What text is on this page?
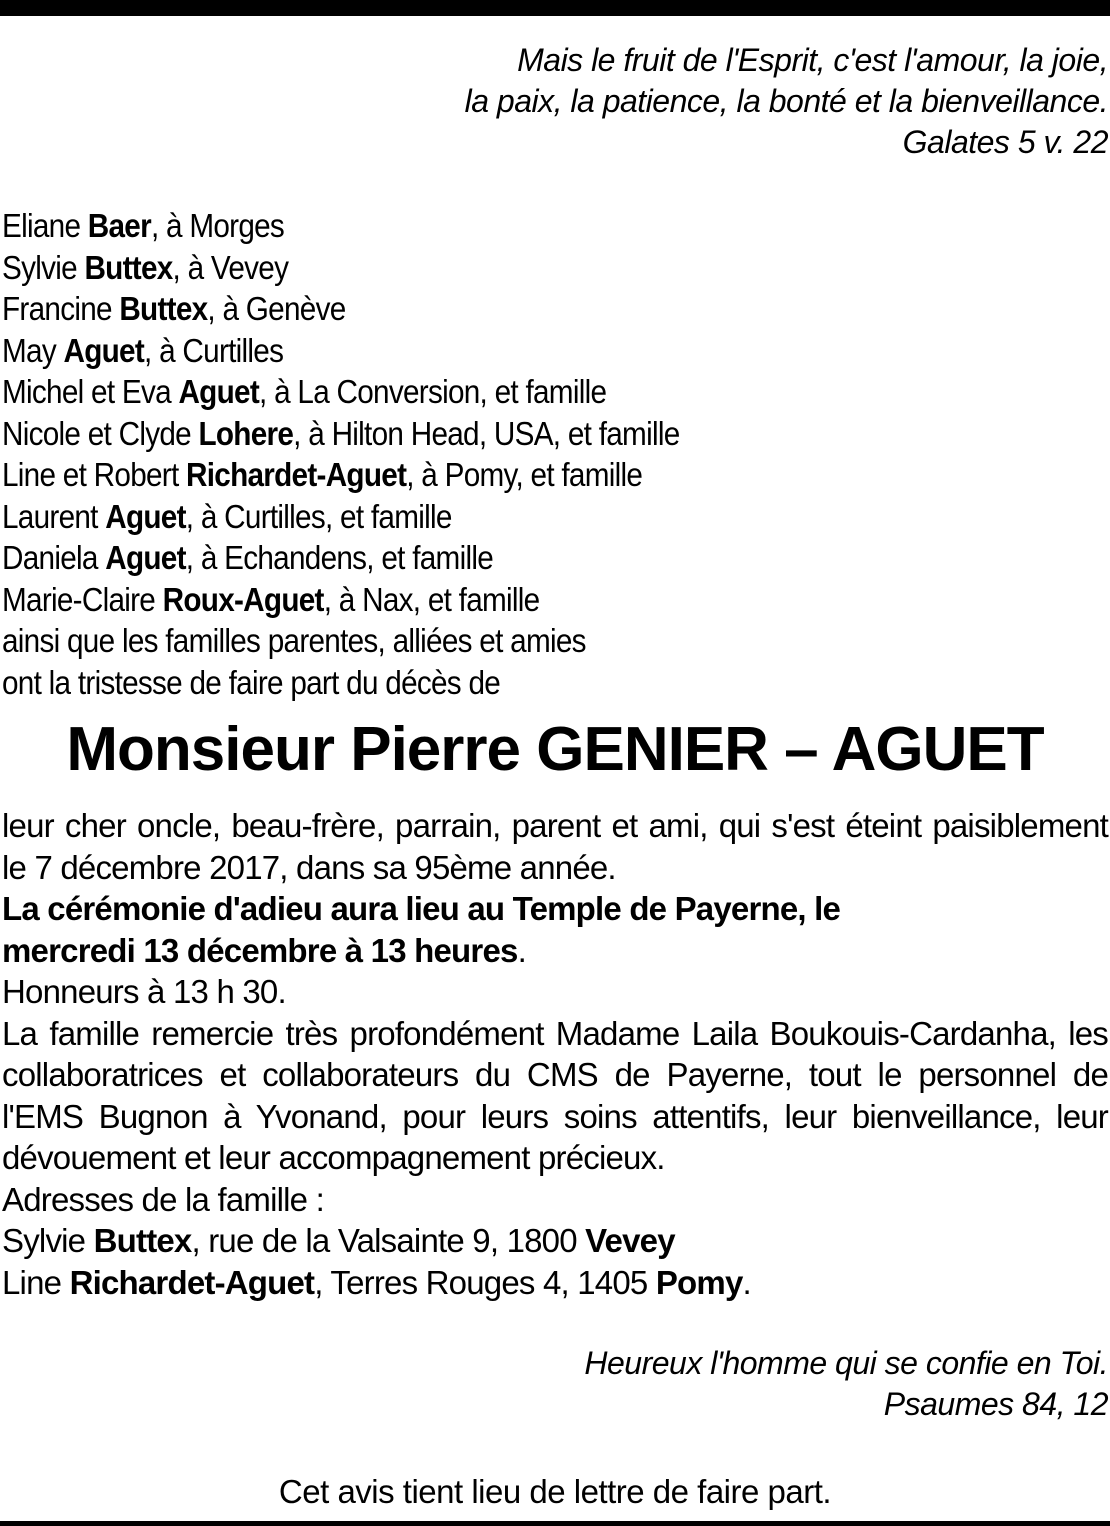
Mais le fruit de l'Esprit, c'est l'amour, la joie,
la paix, la patience, la bonté et la bienveillance.
Galates 5 v. 22
Eliane Baer, à Morges
Sylvie Buttex, à Vevey
Francine Buttex, à Genève
May Aguet, à Curtilles
Michel et Eva Aguet, à La Conversion, et famille
Nicole et Clyde Lohere, à Hilton Head, USA, et famille
Line et Robert Richardet-Aguet, à Pomy, et famille
Laurent Aguet, à Curtilles, et famille
Daniela Aguet, à Echandens, et famille
Marie-Claire Roux-Aguet, à Nax, et famille
ainsi que les familles parentes, alliées et amies
ont la tristesse de faire part du décès de
Monsieur Pierre GENIER – AGUET
leur cher oncle, beau-frère, parrain, parent et ami, qui s'est éteint paisiblement le 7 décembre 2017, dans sa 95ème année.
La cérémonie d'adieu aura lieu au Temple de Payerne, le
mercredi 13 décembre à 13 heures.
Honneurs à 13 h 30.
La famille remercie très profondément Madame Laila Boukouis-Cardanha, les collaboratrices et collaborateurs du CMS de Payerne, tout le personnel de l'EMS Bugnon à Yvonand, pour leurs soins attentifs, leur bienveillance, leur dévouement et leur accompagnement précieux.
Adresses de la famille :
Sylvie Buttex, rue de la Valsainte 9, 1800 Vevey
Line Richardet-Aguet, Terres Rouges 4, 1405 Pomy.
Heureux l'homme qui se confie en Toi.
Psaumes 84, 12
Cet avis tient lieu de lettre de faire part.
